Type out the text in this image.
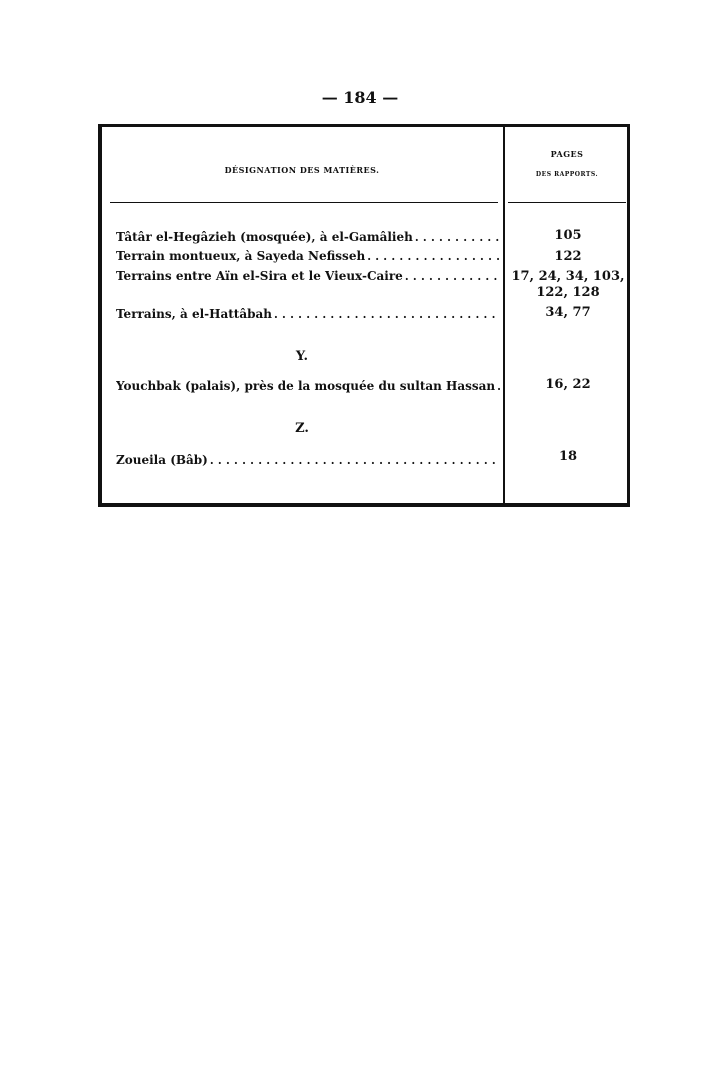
— 184 —
DÉSIGNATION DES MATIÈRES.
PAGES
DES RAPPORTS.
Tâtâr el-Hegâzieh (mosquée), à el-Gamâlieh . . .	105
Terrain montueux, à Sayeda Nefisseh . . .	122
Terrains entre Aïn el-Sira et le Vieux-Caire . . .	17, 24, 34, 103,
122, 128
Terrains, à el-Hattâbah . . .	34, 77
Y.
Youchbak (palais), près de la mosquée du sultan Hassan . . .	16, 22
Z.
Zoueila (Bâb) . . .	18
